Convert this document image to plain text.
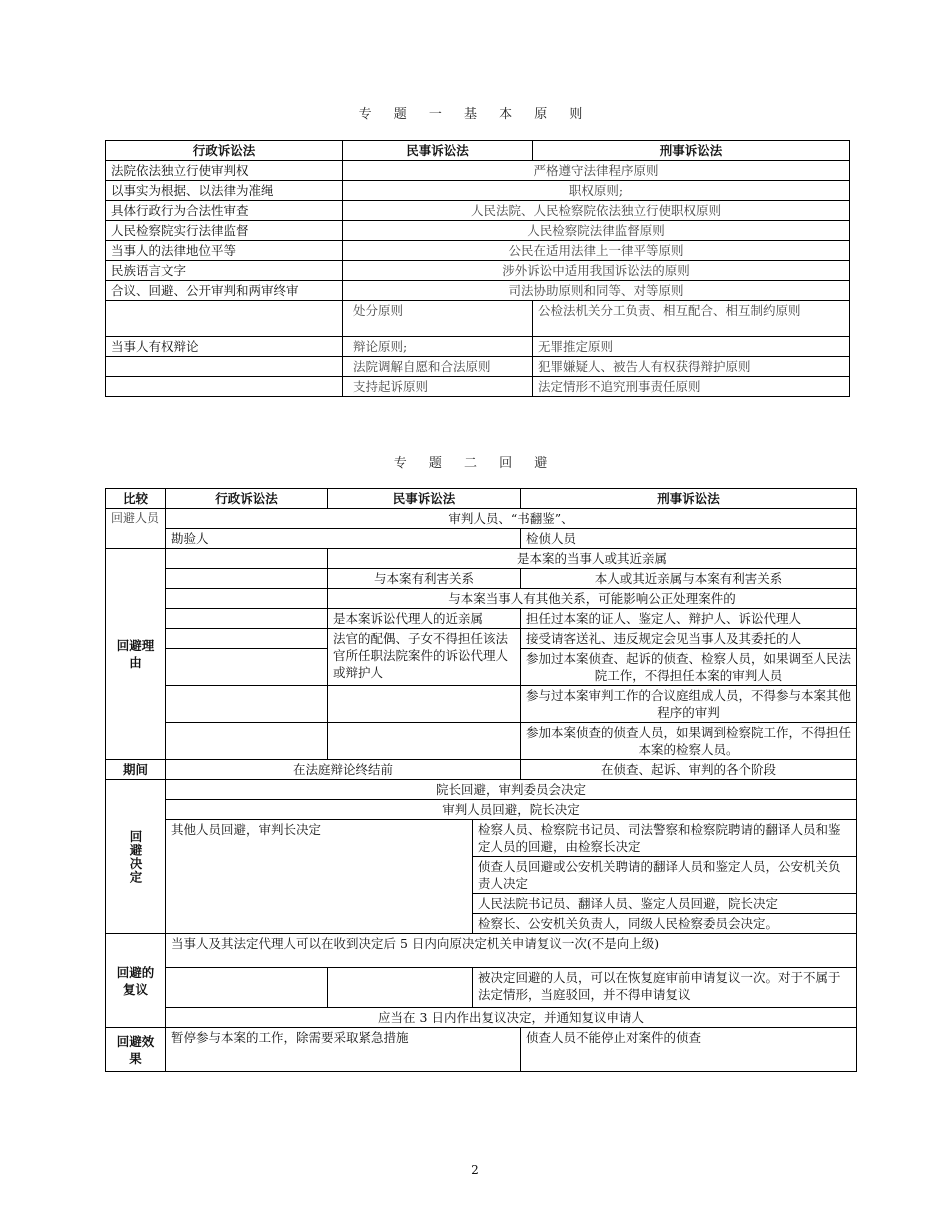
专 题 一 基 本 原 则
行政诉讼法	民事诉讼法	刑事诉讼法
法院依法独立行使审判权	严格遵守法律程序原则	
以事实为根据、以法律为准绳	职权原则;	
具体行政行为合法性审查	人民法院、人民检察院依法独立行使职权原则	
人民检察院实行法律监督	人民检察院法律监督原则	
当事人的法律地位平等	公民在适用法律上一律平等原则	
民族语言文字	涉外诉讼中适用我国诉讼法的原则	
合议、回避、公开审判和两审终审	司法协助原则和同等、对等原则	
	处分原则	公检法机关分工负责、相互配合、相互制约原则
当事人有权辩论	辩论原则;	无罪推定原则
	法院调解自愿和合法原则	犯罪嫌疑人、被告人有权获得辩护原则
	支持起诉原则	法定情形不追究刑事责任原则
专 题 二 回 避
比较	行政诉讼法	民事诉讼法		刑事诉讼法
回避人员	审判人员、“书翻鉴”、			
	勘验人			检侦人员
回避理由		是本案的当事人或其近亲属		
		与本案有利害关系		本人或其近亲属与本案有利害关系
		与本案当事人有其他关系，可能影响公正处理案件的		
		是本案诉讼代理人的近亲属		担任过本案的证人、鉴定人、辩护人、诉讼代理人
		法官的配偶、子女不得担任该法官所任职法院案件的诉讼代理人或辩护人		接受请客送礼、违反规定会见当事人及其委托的人
				参加过本案侦查、起诉的侦查、检察人员，如果调至人民法院工作，不得担任本案的审判人员
				参与过本案审判工作的合议庭组成人员，不得参与本案其他程序的审判
				参加本案侦查的侦查人员，如果调到检察院工作，不得担任本案的检察人员。
期间	在法庭辩论终结前			在侦查、起诉、审判的各个阶段

回避决定	院长回避，审判委员会决定			
	审判人员回避，院长决定			
	其他人员回避，审判长决定		检察人员、检察院书记员、司法警察和检察院聘请的翻译人员和鉴定人员的回避，由检察长决定	
			侦查人员回避或公安机关聘请的翻译人员和鉴定人员，公安机关负责人决定	
			人民法院书记员、翻译人员、鉴定人员回避，院长决定	
			检察长、公安机关负责人，同级人民检察委员会决定。	
回避的复议	当事人及其法定代理人可以在收到决定后 5 日内向原决定机关申请复议一次(不是向上级)			
			被决定回避的人员，可以在恢复庭审前申请复议一次。对于不属于法定情形，当庭驳回，并不得申请复议	
	应当在 3 日内作出复议决定，并通知复议申请人			
回避效果	暂停参与本案的工作，除需要采取紧急措施			侦查人员不能停止对案件的侦查
2
